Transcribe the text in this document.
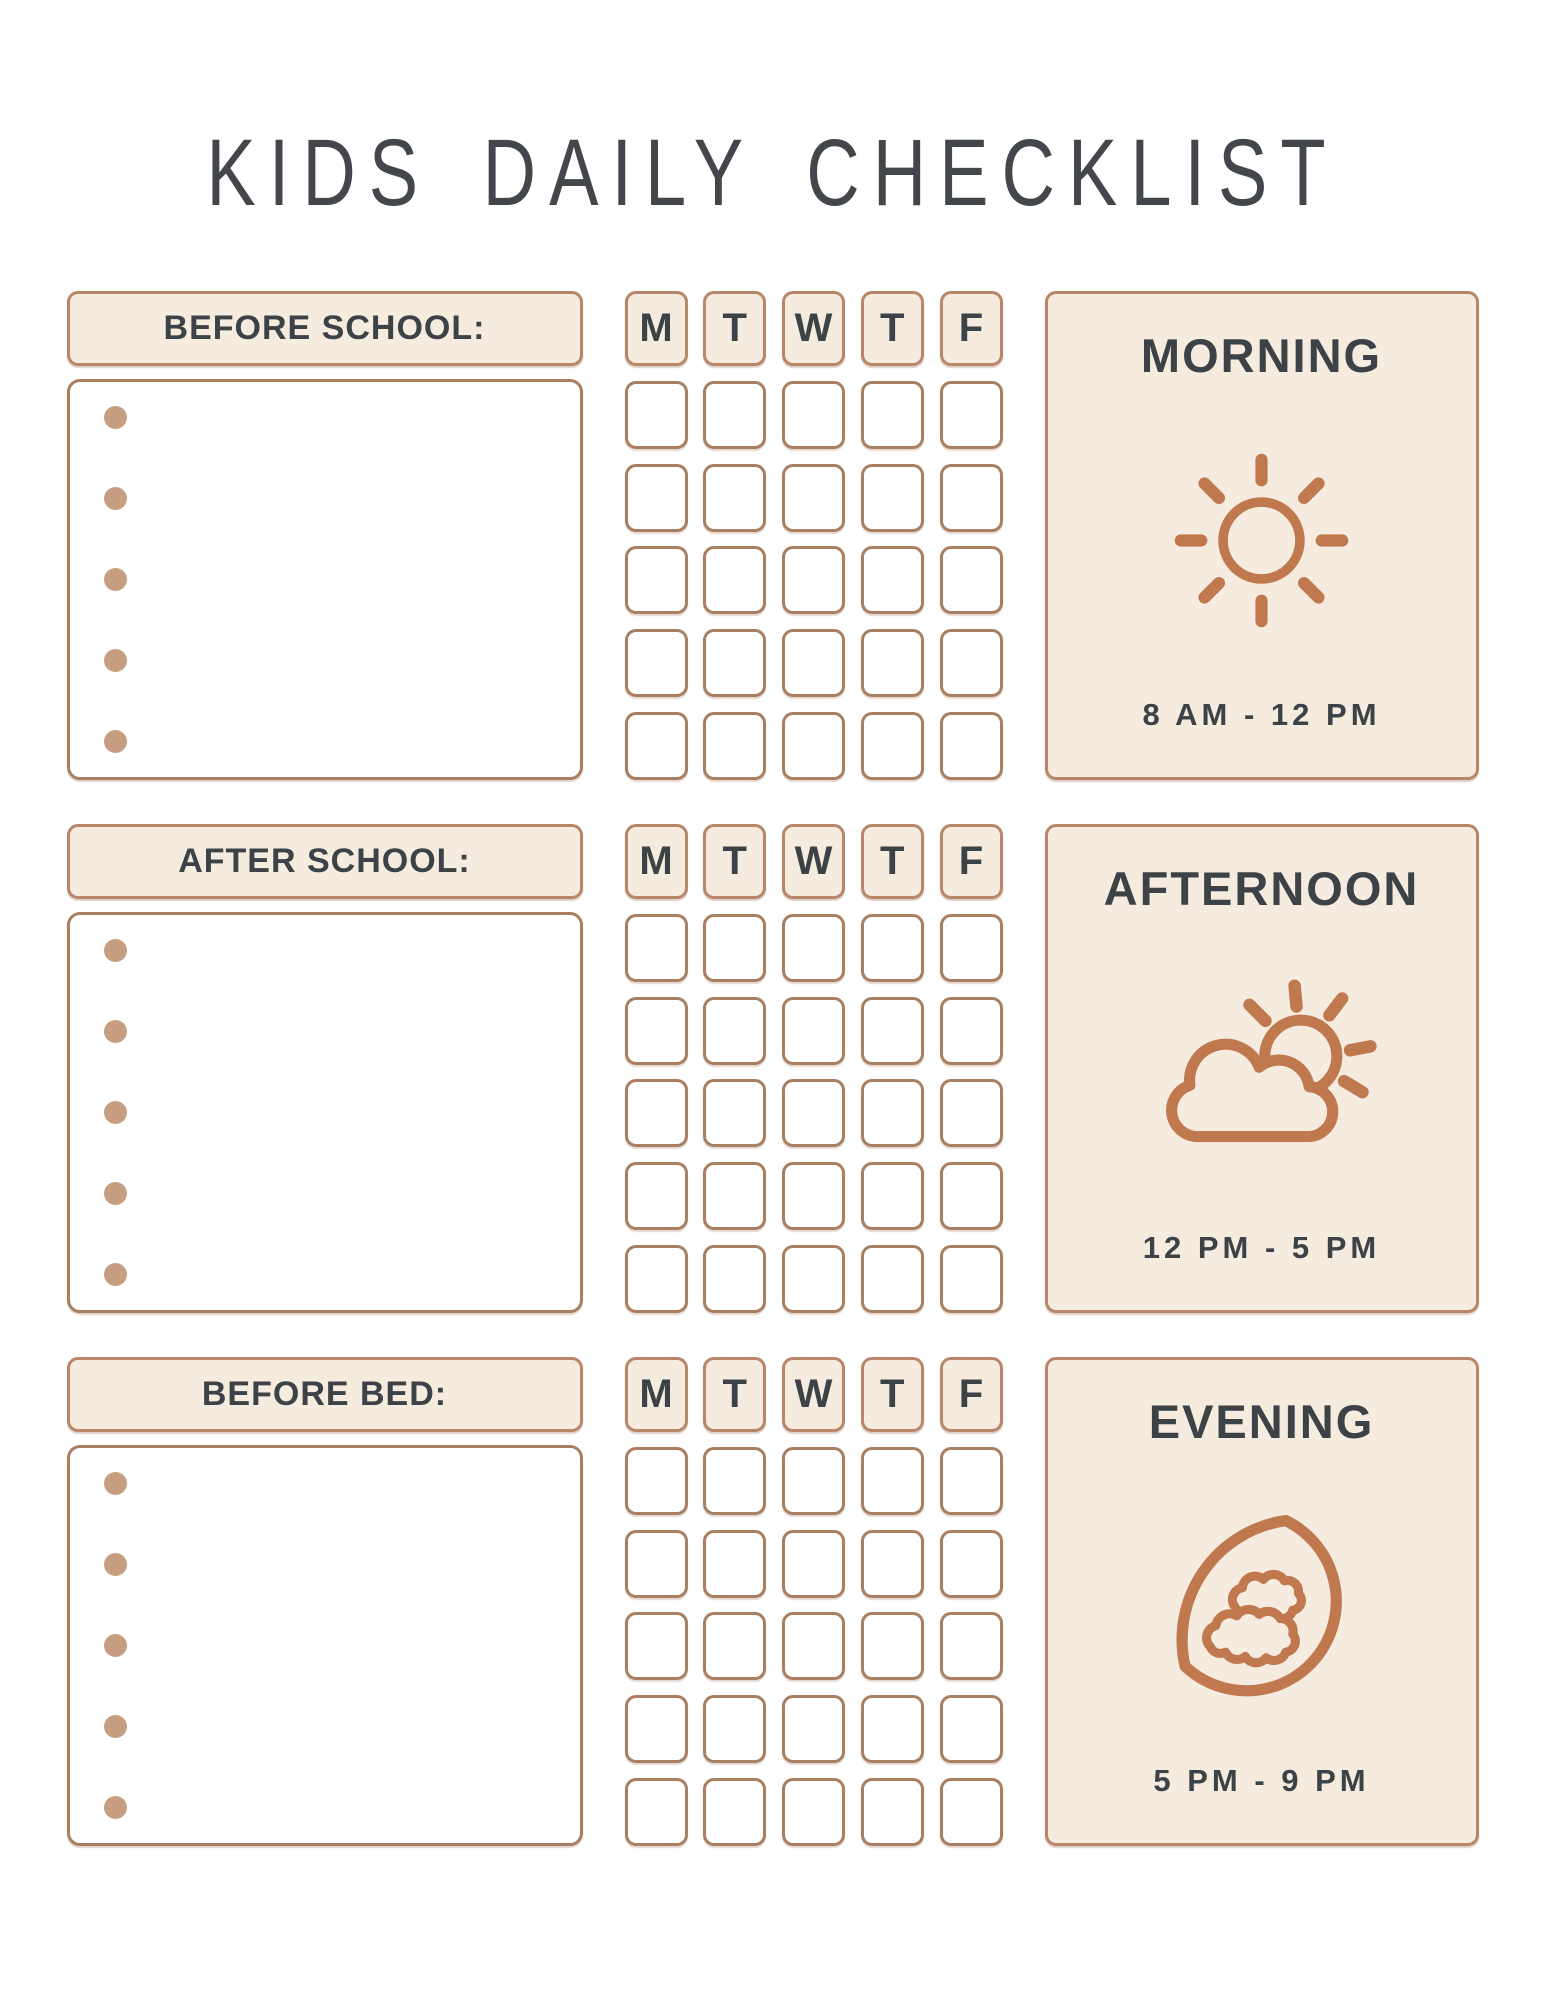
KIDS DAILY CHECKLIST
BEFORE SCHOOL:	M	T	W	T	F
MORNING
8 AM - 12 PM
AFTER SCHOOL:	M	T	W	T	F
AFTERNOON
12 PM - 5 PM
BEFORE BED:	M	T	W	T	F
EVENING
5 PM - 9 PM
